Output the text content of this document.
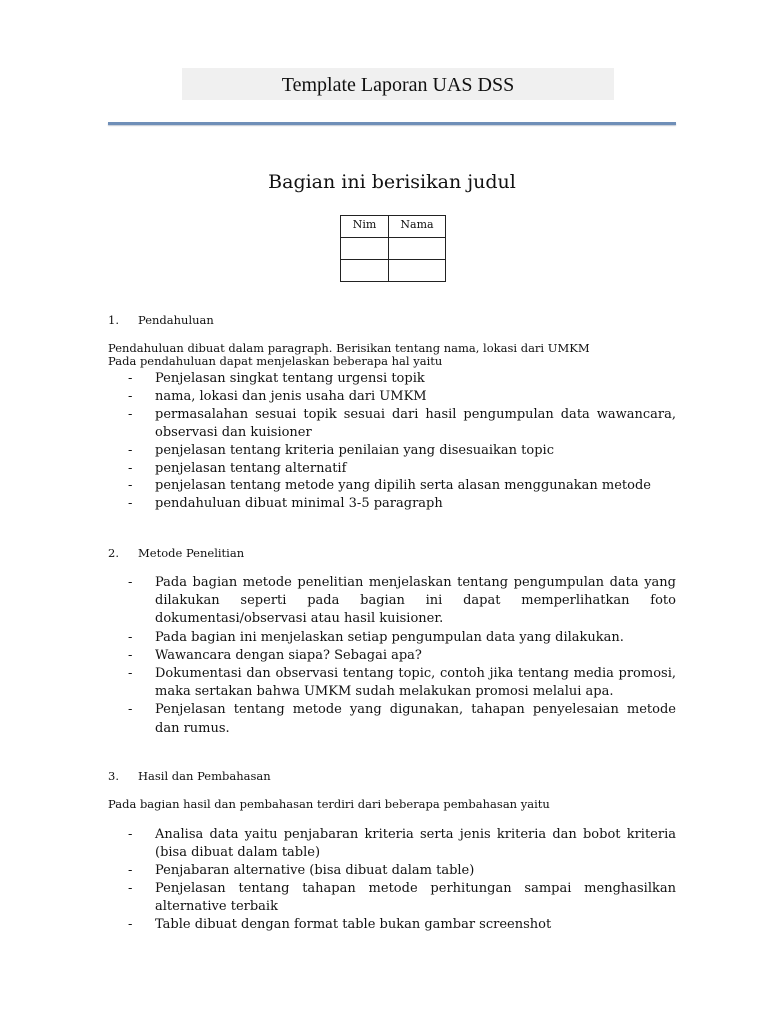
Template Laporan UAS DSS
Bagian ini berisikan judul
Nim	Nama

1. Pendahuluan
Pendahuluan dibuat dalam paragraph. Berisikan tentang nama, lokasi dari UMKM
Pada pendahuluan dapat menjelaskan beberapa hal yaitu
- Penjelasan singkat tentang urgensi topik
- nama, lokasi dan jenis usaha dari UMKM
- permasalahan sesuai topik sesuai dari hasil pengumpulan data wawancara, observasi dan kuisioner
- penjelasan tentang kriteria penilaian yang disesuaikan topic
- penjelasan tentang alternatif
- penjelasan tentang metode yang dipilih serta alasan menggunakan metode
- pendahuluan dibuat minimal 3-5 paragraph
2. Metode Penelitian
- Pada bagian metode penelitian menjelaskan tentang pengumpulan data yang dilakukan seperti pada bagian ini dapat memperlihatkan foto dokumentasi/observasi atau hasil kuisioner.
- Pada bagian ini menjelaskan setiap pengumpulan data yang dilakukan.
- Wawancara dengan siapa? Sebagai apa?
- Dokumentasi dan observasi tentang topic, contoh jika tentang media promosi, maka sertakan bahwa UMKM sudah melakukan promosi melalui apa.
- Penjelasan tentang metode yang digunakan, tahapan penyelesaian metode dan rumus.
3. Hasil dan Pembahasan
Pada bagian hasil dan pembahasan terdiri dari beberapa pembahasan yaitu
- Analisa data yaitu penjabaran kriteria serta jenis kriteria dan bobot kriteria (bisa dibuat dalam table)
- Penjabaran alternative (bisa dibuat dalam table)
- Penjelasan tentang tahapan metode perhitungan sampai menghasilkan alternative terbaik
- Table dibuat dengan format table bukan gambar screenshot
